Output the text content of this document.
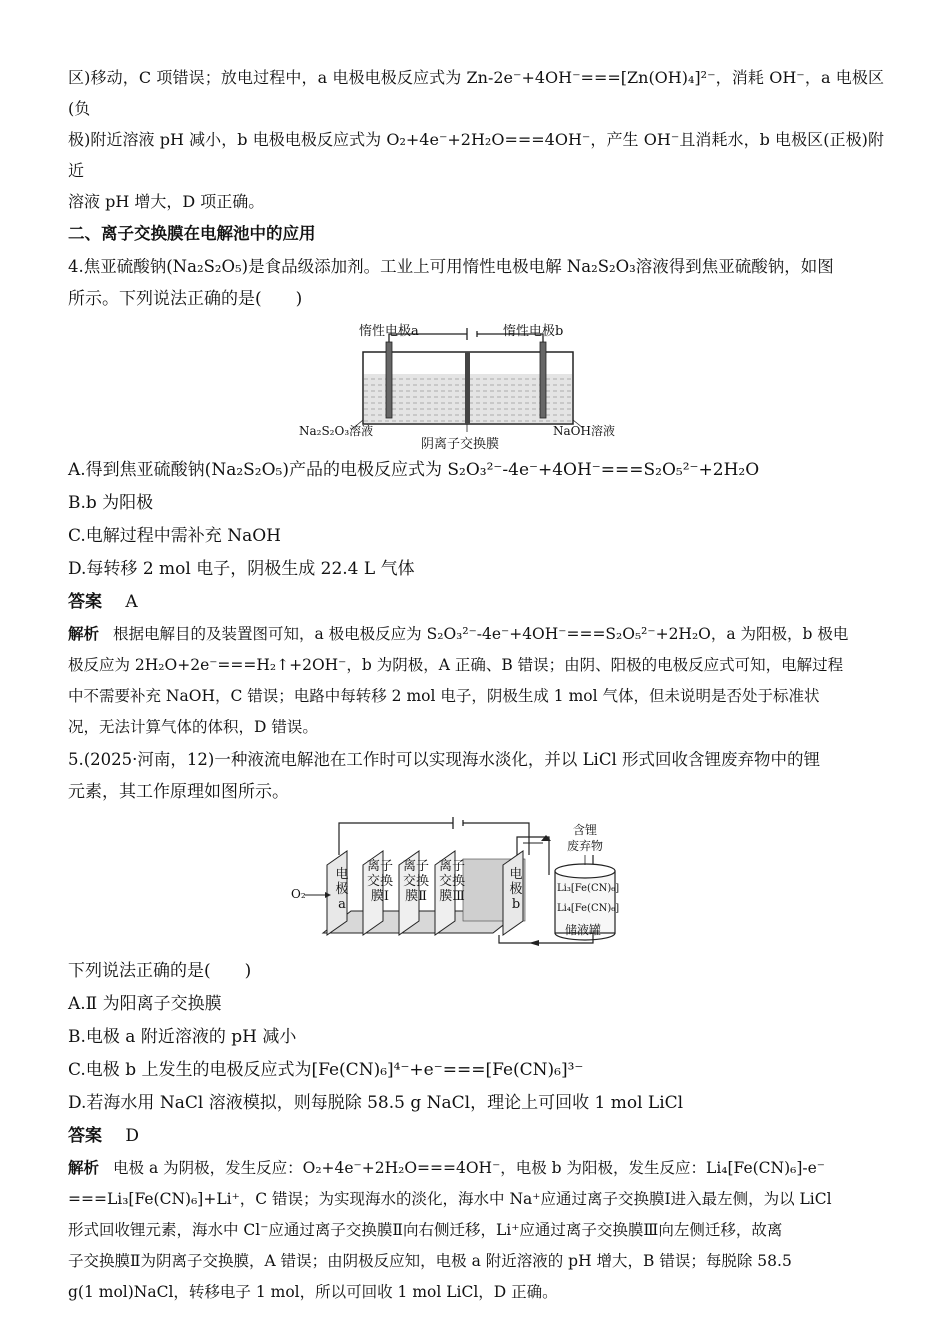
区)移动，C 项错误；放电过程中，a 电极电极反应式为 Zn-2e⁻+4OH⁻===[Zn(OH)₄]²⁻，消耗 OH⁻，a 电极区(负

极)附近溶液 pH 减小，b 电极电极反应式为 O₂+4e⁻+2H₂O===4OH⁻，产生 OH⁻且消耗水，b 电极区(正极)附近

溶液 pH 增大，D 项正确。

二、离子交换膜在电解池中的应用

4.焦亚硫酸钠(Na₂S₂O₅)是食品级添加剂。工业上可用惰性电极电解 Na₂S₂O₃溶液得到焦亚硫酸钠，如图

所示。下列说法正确的是(　　)

惰性电极a	惰性电极b
Na₂S₂O₃溶液	NaOH溶液
阴离子交换膜

A.得到焦亚硫酸钠(Na₂S₂O₅)产品的电极反应式为 S₂O₃²⁻-4e⁻+4OH⁻===S₂O₅²⁻+2H₂O

B.b 为阳极

C.电解过程中需补充 NaOH

D.每转移 2 mol 电子，阴极生成 22.4 L 气体

答案 A

解析 根据电解目的及装置图可知，a 极电极反应为 S₂O₃²⁻-4e⁻+4OH⁻===S₂O₅²⁻+2H₂O，a 为阳极，b 极电

极反应为 2H₂O+2e⁻===H₂↑+2OH⁻，b 为阴极，A 正确、B 错误；由阴、阳极的电极反应式可知，电解过程

中不需要补充 NaOH，C 错误；电路中每转移 2 mol 电子，阴极生成 1 mol 气体，但未说明是否处于标准状

况，无法计算气体的体积，D 错误。

5.(2025·河南，12)一种液流电解池在工作时可以实现海水淡化，并以 LiCl 形式回收含锂废弃物中的锂

元素，其工作原理如图所示。

O₂
电极a
离子交换膜Ⅰ
离子交换膜Ⅱ
离子交换膜Ⅲ
电极b
含锂
废弃物
Li₃[Fe(CN)₆]
Li₄[Fe(CN)₆]
储液罐

下列说法正确的是(　　)

A.Ⅱ 为阳离子交换膜

B.电极 a 附近溶液的 pH 减小

C.电极 b 上发生的电极反应式为[Fe(CN)₆]⁴⁻+e⁻===[Fe(CN)₆]³⁻

D.若海水用 NaCl 溶液模拟，则每脱除 58.5 g NaCl，理论上可回收 1 mol LiCl

答案 D

解析 电极 a 为阴极，发生反应：O₂+4e⁻+2H₂O===4OH⁻，电极 b 为阳极，发生反应：Li₄[Fe(CN)₆]-e⁻

===Li₃[Fe(CN)₆]+Li⁺，C 错误；为实现海水的淡化，海水中 Na⁺应通过离子交换膜Ⅰ进入最左侧，为以 LiCl

形式回收锂元素，海水中 Cl⁻应通过离子交换膜Ⅱ向右侧迁移，Li⁺应通过离子交换膜Ⅲ向左侧迁移，故离

子交换膜Ⅱ为阴离子交换膜，A 错误；由阴极反应知，电极 a 附近溶液的 pH 增大，B 错误；每脱除 58.5

g(1 mol)NaCl，转移电子 1 mol，所以可回收 1 mol LiCl，D 正确。
